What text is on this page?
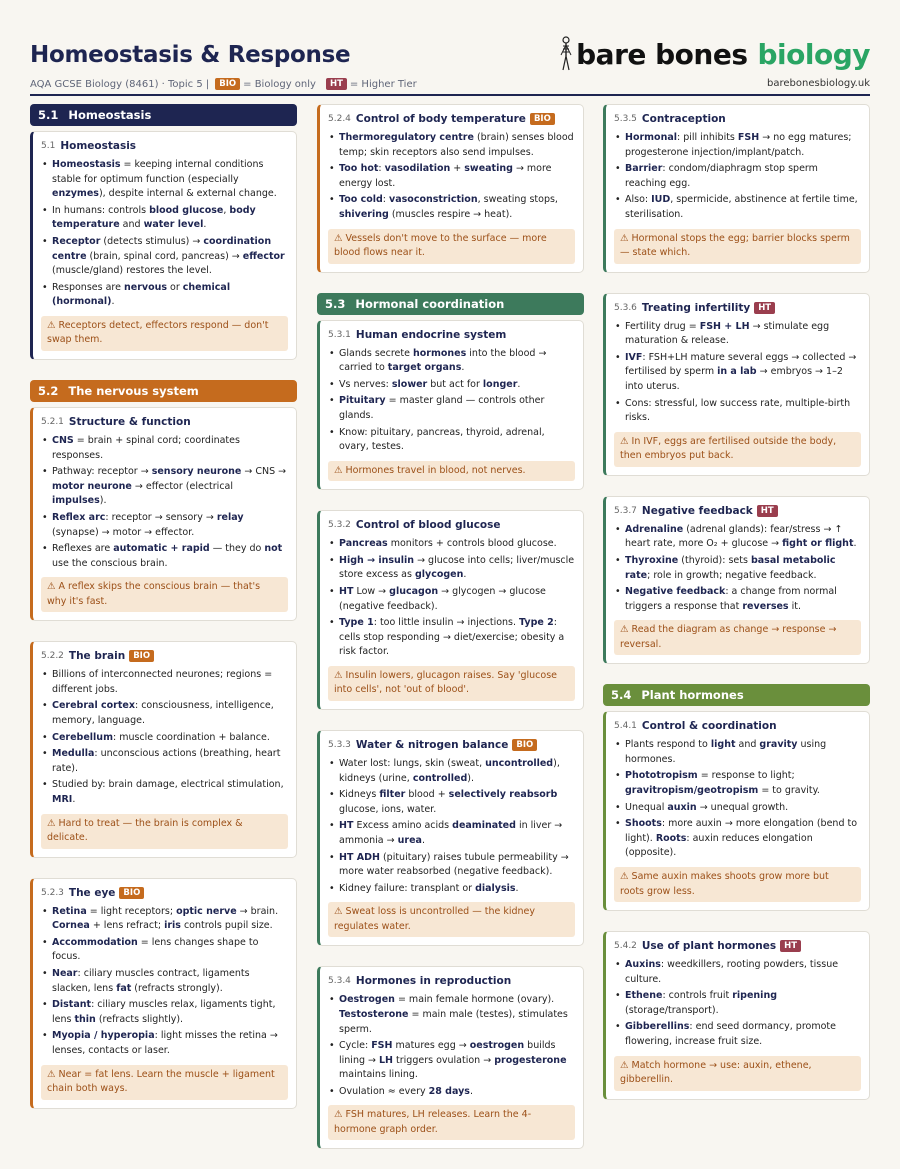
Homeostasis & Response
AQA GCSE Biology (8461) · Topic 5 |	BIO = Biology only	HT = Higher Tier
bare bones biology
barebonesbiology.uk
5.1 Homeostasis
5.1 Homeostasis
• Homeostasis = keeping internal conditions stable for optimum function (especially enzymes), despite internal & external change.
• In humans: controls blood glucose, body temperature and water level.
• Receptor (detects stimulus) → coordination centre (brain, spinal cord, pancreas) → effector (muscle/gland) restores the level.
• Responses are nervous or chemical (hormonal).
⚠ Receptors detect, effectors respond — don't swap them.
5.2 The nervous system
5.2.1 Structure & function
• CNS = brain + spinal cord; coordinates responses.
• Pathway: receptor → sensory neurone → CNS → motor neurone → effector (electrical impulses).
• Reflex arc: receptor → sensory → relay (synapse) → motor → effector.
• Reflexes are automatic + rapid — they do not use the conscious brain.
⚠ A reflex skips the conscious brain — that's why it's fast.
5.2.2 The brain BIO
• Billions of interconnected neurones; regions = different jobs.
• Cerebral cortex: consciousness, intelligence, memory, language.
• Cerebellum: muscle coordination + balance.
• Medulla: unconscious actions (breathing, heart rate).
• Studied by: brain damage, electrical stimulation, MRI.
⚠ Hard to treat — the brain is complex & delicate.
5.2.3 The eye BIO
• Retina = light receptors; optic nerve → brain. Cornea + lens refract; iris controls pupil size.
• Accommodation = lens changes shape to focus.
• Near: ciliary muscles contract, ligaments slacken, lens fat (refracts strongly).
• Distant: ciliary muscles relax, ligaments tight, lens thin (refracts slightly).
• Myopia / hyperopia: light misses the retina → lenses, contacts or laser.
⚠ Near = fat lens. Learn the muscle + ligament chain both ways.
5.2.4 Control of body temperature BIO
• Thermoregulatory centre (brain) senses blood temp; skin receptors also send impulses.
• Too hot: vasodilation + sweating → more energy lost.
• Too cold: vasoconstriction, sweating stops, shivering (muscles respire → heat).
⚠ Vessels don't move to the surface — more blood flows near it.
5.3 Hormonal coordination
5.3.1 Human endocrine system
• Glands secrete hormones into the blood → carried to target organs.
• Vs nerves: slower but act for longer.
• Pituitary = master gland — controls other glands.
• Know: pituitary, pancreas, thyroid, adrenal, ovary, testes.
⚠ Hormones travel in blood, not nerves.
5.3.2 Control of blood glucose
• Pancreas monitors + controls blood glucose.
• High → insulin → glucose into cells; liver/muscle store excess as glycogen.
• HT Low → glucagon → glycogen → glucose (negative feedback).
• Type 1: too little insulin → injections. Type 2: cells stop responding → diet/exercise; obesity a risk factor.
⚠ Insulin lowers, glucagon raises. Say 'glucose into cells', not 'out of blood'.
5.3.3 Water & nitrogen balance BIO
• Water lost: lungs, skin (sweat, uncontrolled), kidneys (urine, controlled).
• Kidneys filter blood + selectively reabsorb glucose, ions, water.
• HT Excess amino acids deaminated in liver → ammonia → urea.
• HT ADH (pituitary) raises tubule permeability → more water reabsorbed (negative feedback).
• Kidney failure: transplant or dialysis.
⚠ Sweat loss is uncontrolled — the kidney regulates water.
5.3.4 Hormones in reproduction
• Oestrogen = main female hormone (ovary). Testosterone = main male (testes), stimulates sperm.
• Cycle: FSH matures egg → oestrogen builds lining → LH triggers ovulation → progesterone maintains lining.
• Ovulation ≈ every 28 days.
⚠ FSH matures, LH releases. Learn the 4-hormone graph order.
5.3.5 Contraception
• Hormonal: pill inhibits FSH → no egg matures; progesterone injection/implant/patch.
• Barrier: condom/diaphragm stop sperm reaching egg.
• Also: IUD, spermicide, abstinence at fertile time, sterilisation.
⚠ Hormonal stops the egg; barrier blocks sperm — state which.
5.3.6 Treating infertility HT
• Fertility drug = FSH + LH → stimulate egg maturation & release.
• IVF: FSH+LH mature several eggs → collected → fertilised by sperm in a lab → embryos → 1–2 into uterus.
• Cons: stressful, low success rate, multiple-birth risks.
⚠ In IVF, eggs are fertilised outside the body, then embryos put back.
5.3.7 Negative feedback HT
• Adrenaline (adrenal glands): fear/stress → ↑ heart rate, more O₂ + glucose → fight or flight.
• Thyroxine (thyroid): sets basal metabolic rate; role in growth; negative feedback.
• Negative feedback: a change from normal triggers a response that reverses it.
⚠ Read the diagram as change → response → reversal.
5.4 Plant hormones
5.4.1 Control & coordination
• Plants respond to light and gravity using hormones.
• Phototropism = response to light; gravitropism/geotropism = to gravity.
• Unequal auxin → unequal growth.
• Shoots: more auxin → more elongation (bend to light). Roots: auxin reduces elongation (opposite).
⚠ Same auxin makes shoots grow more but roots grow less.
5.4.2 Use of plant hormones HT
• Auxins: weedkillers, rooting powders, tissue culture.
• Ethene: controls fruit ripening (storage/transport).
• Gibberellins: end seed dormancy, promote flowering, increase fruit size.
⚠ Match hormone → use: auxin, ethene, gibberellin.
